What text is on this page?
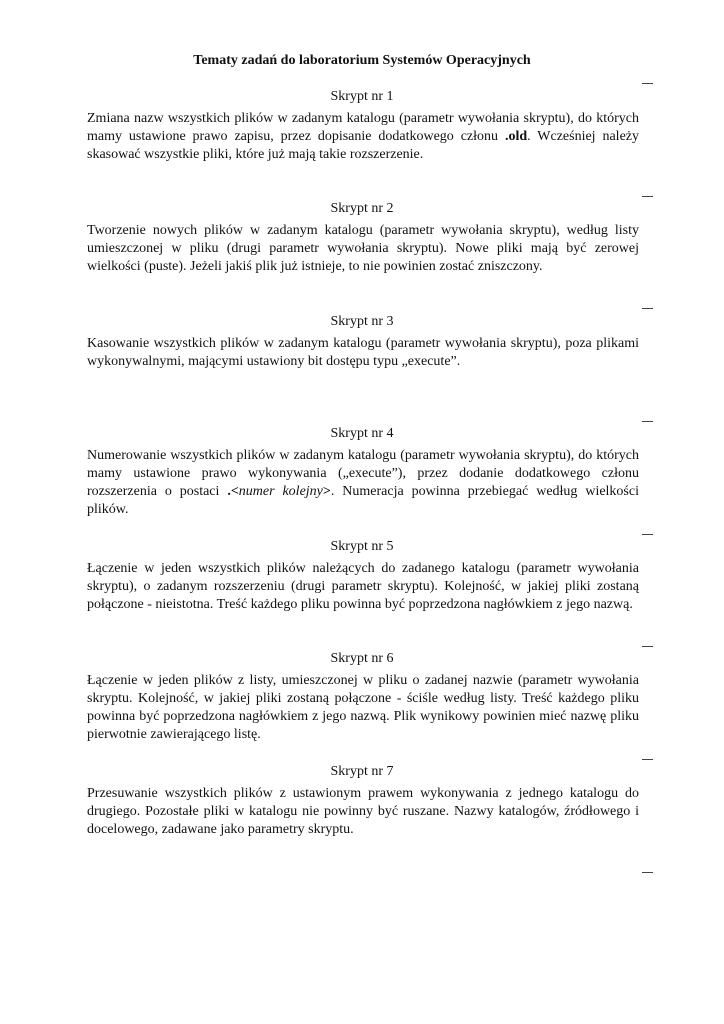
Tematy zadań do laboratorium Systemów Operacyjnych
Skrypt nr 1
Zmiana nazw wszystkich plików w zadanym katalogu (parametr wywołania skryptu), do których mamy ustawione prawo zapisu, przez dopisanie dodatkowego członu .old. Wcześniej należy skasować wszystkie pliki, które już mają takie rozszerzenie.
Skrypt nr 2
Tworzenie nowych plików w zadanym katalogu (parametr wywołania skryptu), według listy umieszczonej w pliku (drugi parametr wywołania skryptu). Nowe pliki mają być zerowej wielkości (puste). Jeżeli jakiś plik już istnieje, to nie powinien zostać zniszczony.
Skrypt nr 3
Kasowanie wszystkich plików w zadanym katalogu (parametr wywołania skryptu), poza plikami wykonywalnymi, mającymi ustawiony bit dostępu typu „execute”.
Skrypt nr 4
Numerowanie wszystkich plików w zadanym katalogu (parametr wywołania skryptu), do których mamy ustawione prawo wykonywania („execute”), przez dodanie dodatkowego członu rozszerzenia o postaci .<numer kolejny>. Numeracja powinna przebiegać według wielkości plików.
Skrypt nr 5
Łączenie w jeden wszystkich plików należących do zadanego katalogu (parametr wywołania skryptu), o zadanym rozszerzeniu (drugi parametr skryptu). Kolejność, w jakiej pliki zostaną połączone - nieistotna. Treść każdego pliku powinna być poprzedzona nagłówkiem z jego nazwą.
Skrypt nr 6
Łączenie w jeden plików z listy, umieszczonej w pliku o zadanej nazwie (parametr wywołania skryptu. Kolejność, w jakiej pliki zostaną połączone - ściśle według listy. Treść każdego pliku powinna być poprzedzona nagłówkiem z jego nazwą. Plik wynikowy powinien mieć nazwę pliku pierwotnie zawierającego listę.
Skrypt nr 7
Przesuwanie wszystkich plików z ustawionym prawem wykonywania z jednego katalogu do drugiego. Pozostałe pliki w katalogu nie powinny być ruszane. Nazwy katalogów, źródłowego i docelowego, zadawane jako parametry skryptu.
